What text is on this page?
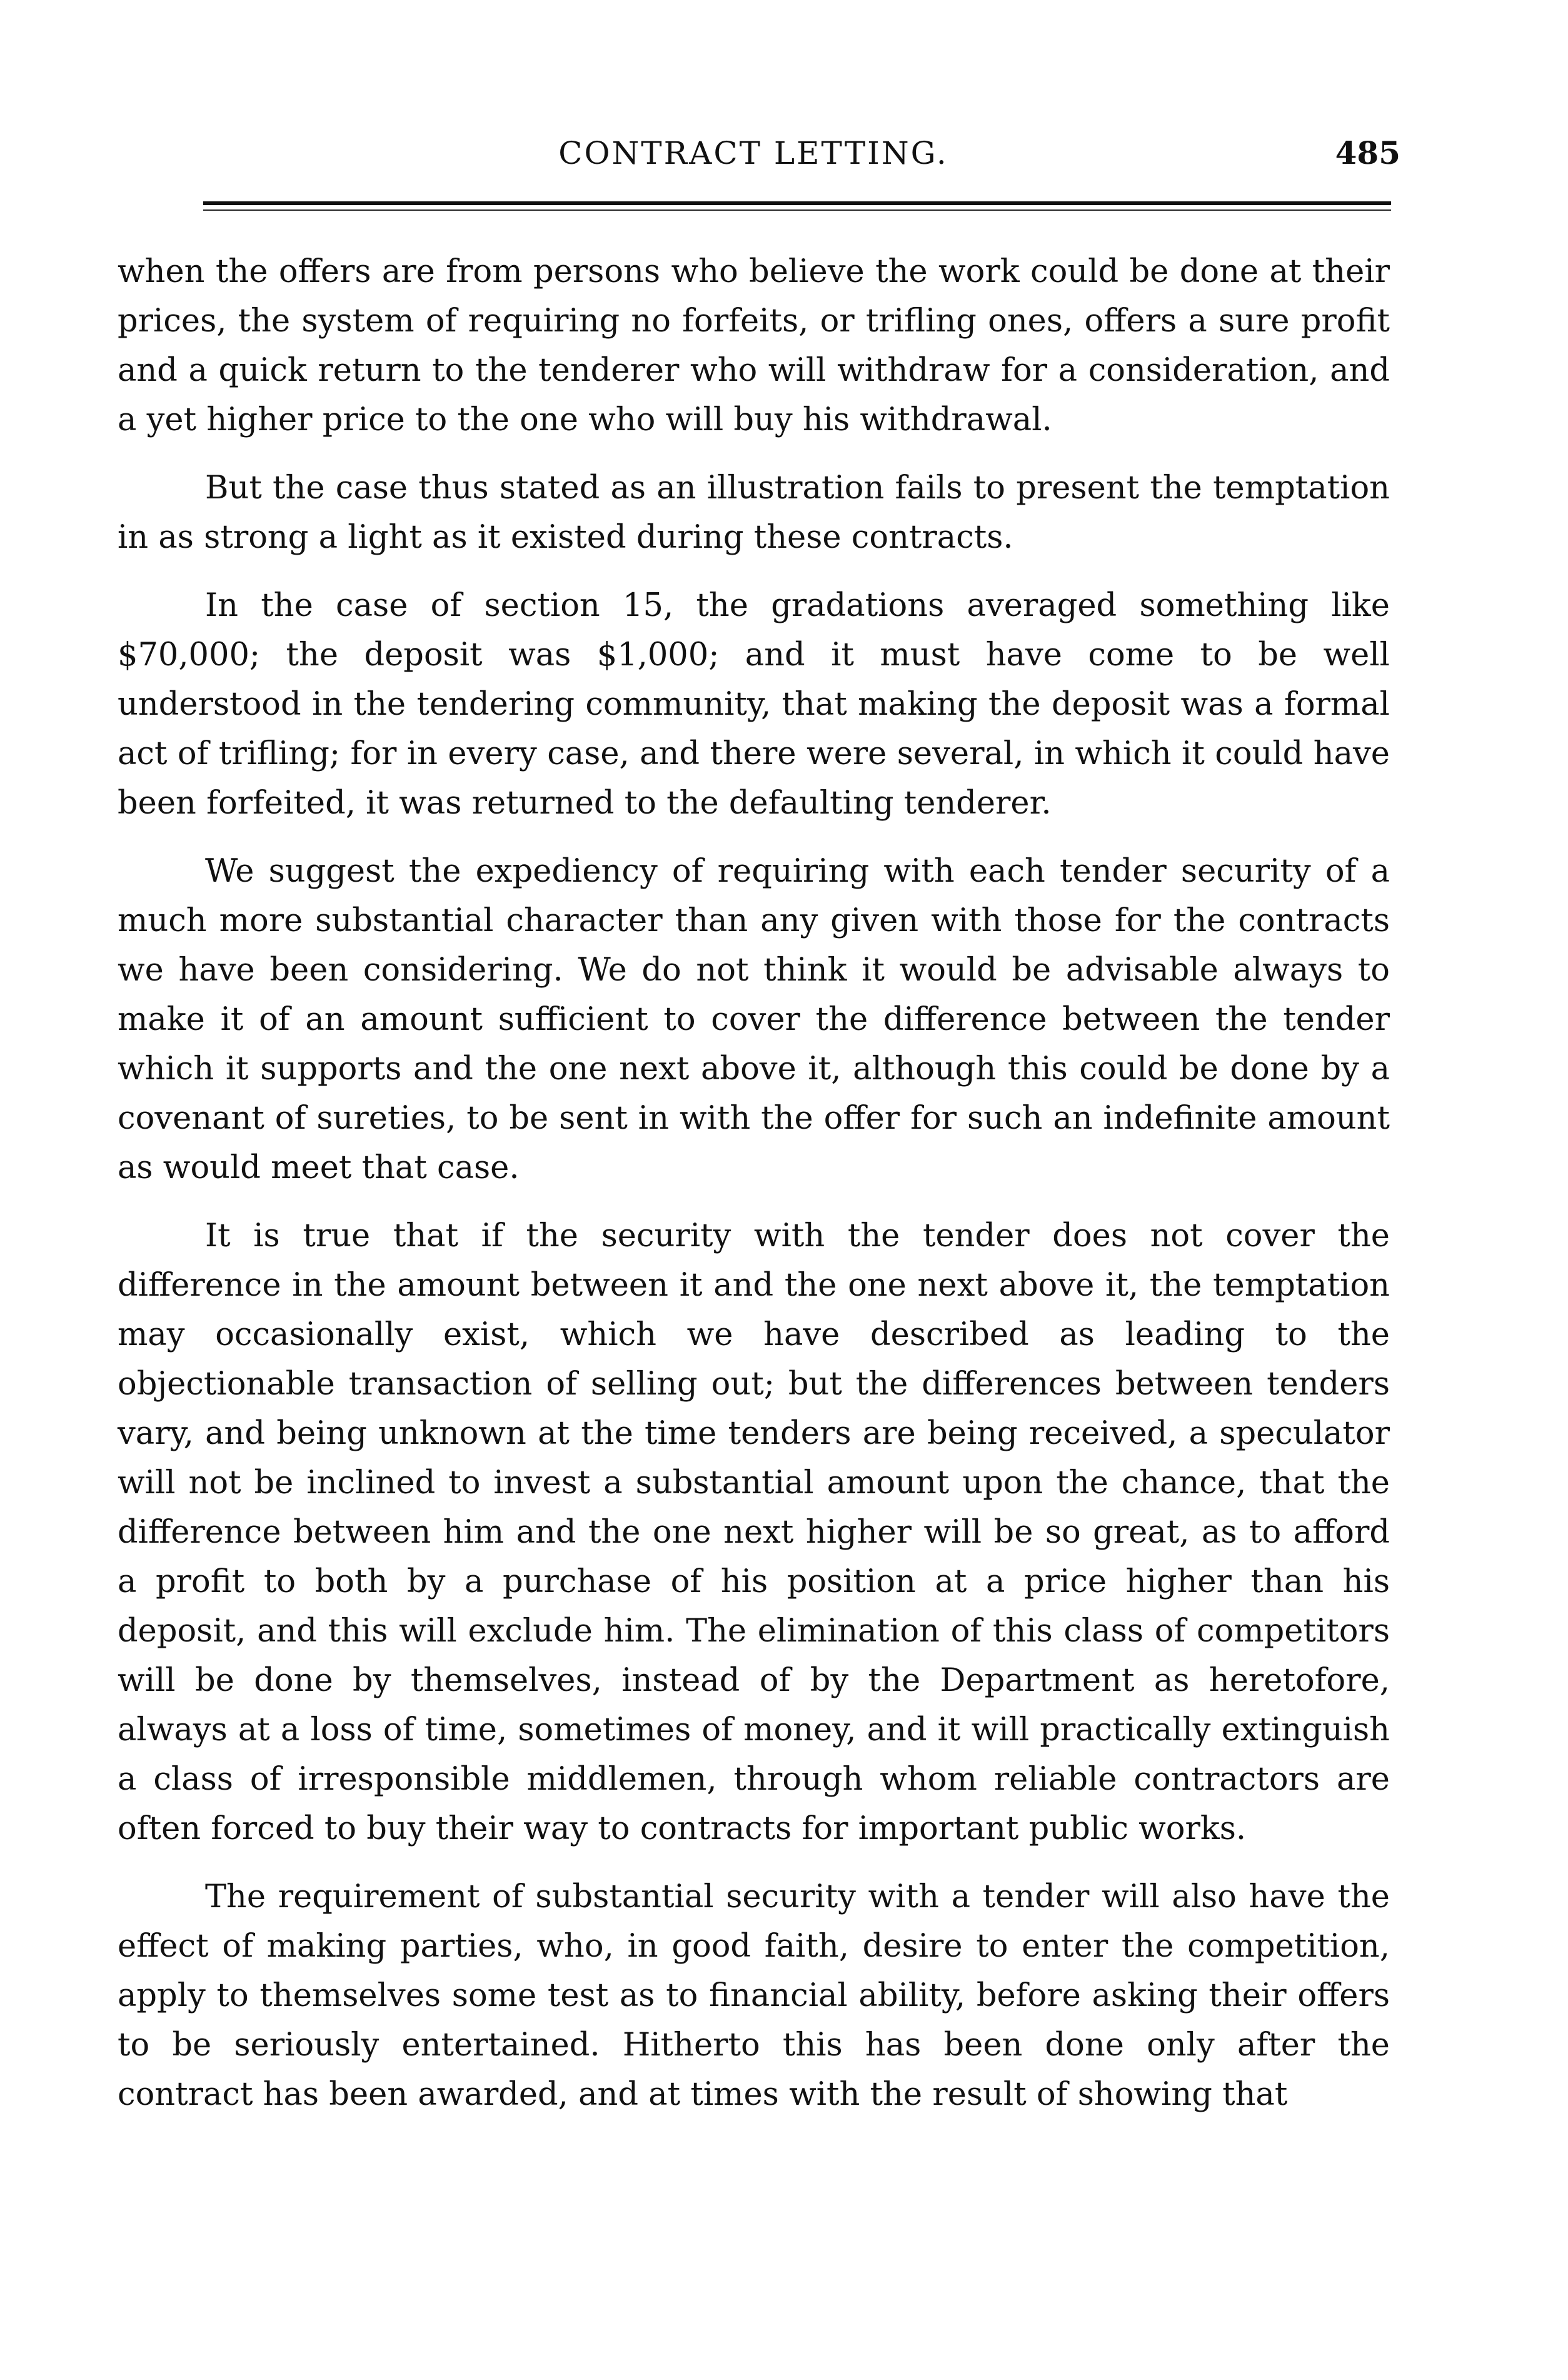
CONTRACT LETTING.	485

when the offers are from persons who believe the work could be done at their prices, the system of requiring no forfeits, or trifling ones, offers a sure profit and a quick return to the tenderer who will withdraw for a consideration, and a yet higher price to the one who will buy his withdrawal.

But the case thus stated as an illustration fails to present the temptation in as strong a light as it existed during these contracts.

In the case of section 15, the gradations averaged something like $70,000; the deposit was $1,000; and it must have come to be well understood in the tendering community, that making the deposit was a formal act of trifling; for in every case, and there were several, in which it could have been forfeited, it was returned to the defaulting tenderer.

We suggest the expediency of requiring with each tender security of a much more substantial character than any given with those for the contracts we have been considering. We do not think it would be advisable always to make it of an amount sufficient to cover the difference between the tender which it supports and the one next above it, although this could be done by a covenant of sureties, to be sent in with the offer for such an indefinite amount as would meet that case.

It is true that if the security with the tender does not cover the difference in the amount between it and the one next above it, the temptation may occasionally exist, which we have described as leading to the objectionable transaction of selling out; but the differences between tenders vary, and being unknown at the time tenders are being received, a speculator will not be inclined to invest a substantial amount upon the chance, that the difference between him and the one next higher will be so great, as to afford a profit to both by a purchase of his position at a price higher than his deposit, and this will exclude him. The elimination of this class of competitors will be done by themselves, instead of by the Department as heretofore, always at a loss of time, sometimes of money, and it will practically extinguish a class of irresponsible middlemen, through whom reliable contractors are often forced to buy their way to contracts for important public works.

The requirement of substantial security with a tender will also have the effect of making parties, who, in good faith, desire to enter the competition, apply to themselves some test as to financial ability, before asking their offers to be seriously entertained. Hitherto this has been done only after the contract has been awarded, and at times with the result of showing that
